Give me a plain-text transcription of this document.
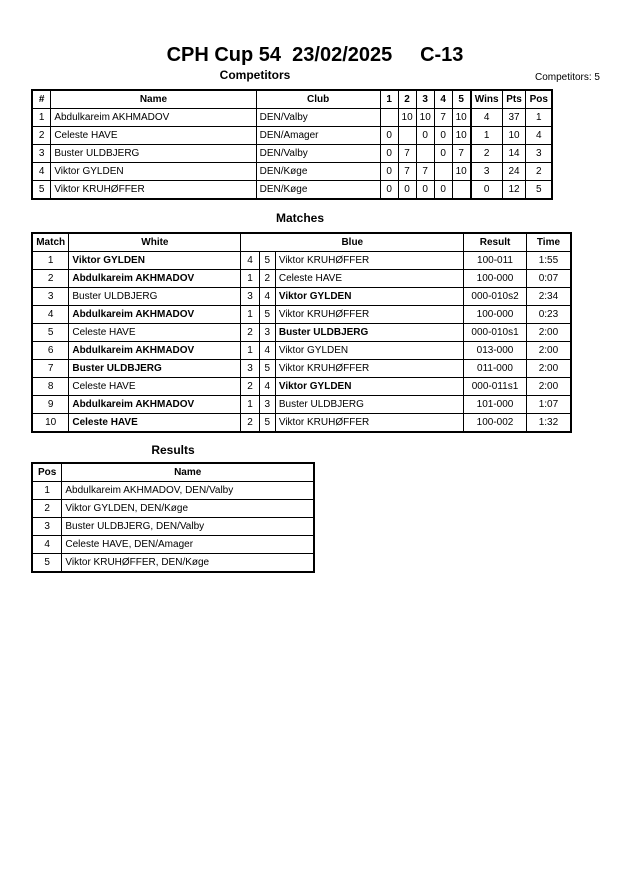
CPH Cup 54 23/02/2025 C-13
Competitors	Competitors: 5
#	Name	Club	1	2	3	4	5	Wins	Pts	Pos
1	Abdulkareim AKHMADOV	DEN/Valby		10	10	7	10	4	37	1
2	Celeste HAVE	DEN/Amager	0		0	0	10	1	10	4
3	Buster ULDBJERG	DEN/Valby	0	7		0	7	2	14	3
4	Viktor GYLDEN	DEN/Køge	0	7	7		10	3	24	2
5	Viktor KRUHØFFER	DEN/Køge	0	0	0	0		0	12	5
Matches
Match	White	Blue			Result	Time
1	Viktor GYLDEN	4	5	Viktor KRUHØFFER	100-011	1:55
2	Abdulkareim AKHMADOV	1	2	Celeste HAVE	100-000	0:07
3	Buster ULDBJERG	3	4	Viktor GYLDEN	000-010s2	2:34
4	Abdulkareim AKHMADOV	1	5	Viktor KRUHØFFER	100-000	0:23
5	Celeste HAVE	2	3	Buster ULDBJERG	000-010s1	2:00
6	Abdulkareim AKHMADOV	1	4	Viktor GYLDEN	013-000	2:00
7	Buster ULDBJERG	3	5	Viktor KRUHØFFER	011-000	2:00
8	Celeste HAVE	2	4	Viktor GYLDEN	000-011s1	2:00
9	Abdulkareim AKHMADOV	1	3	Buster ULDBJERG	101-000	1:07
10	Celeste HAVE	2	5	Viktor KRUHØFFER	100-002	1:32
Results
Pos	Name
1	Abdulkareim AKHMADOV, DEN/Valby
2	Viktor GYLDEN, DEN/Køge
3	Buster ULDBJERG, DEN/Valby
4	Celeste HAVE, DEN/Amager
5	Viktor KRUHØFFER, DEN/Køge
